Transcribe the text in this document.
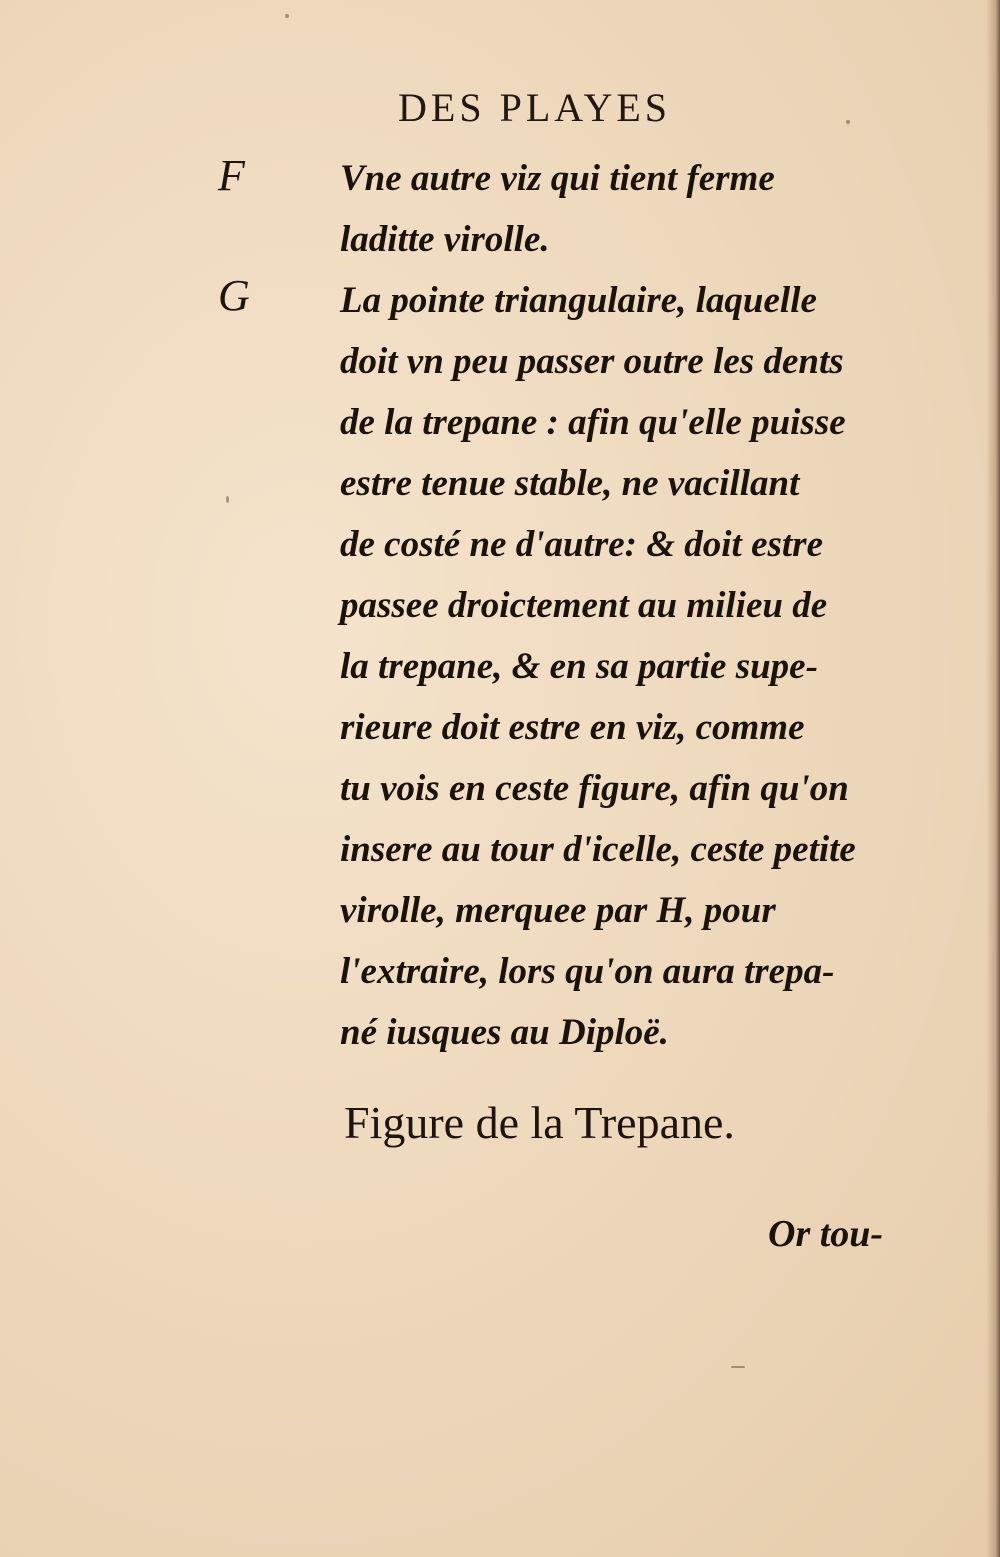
DES PLAYES
F
G
Vne autre viz qui tient ferme
laditte virolle.
La pointe triangulaire, laquelle
doit vn peu passer outre les dents
de la trepane : afin qu'elle puisse
estre tenue stable, ne vacillant
de costé ne d'autre: & doit estre
passee droictement au milieu de
la trepane, & en sa partie supe-
rieure doit estre en viz, comme
tu vois en ceste figure, afin qu'on
insere au tour d'icelle, ceste petite
virolle, merquee par H, pour
l'extraire, lors qu'on aura trepa-
né iusques au Diploë.
Figure de la Trepane.
Or tou-
